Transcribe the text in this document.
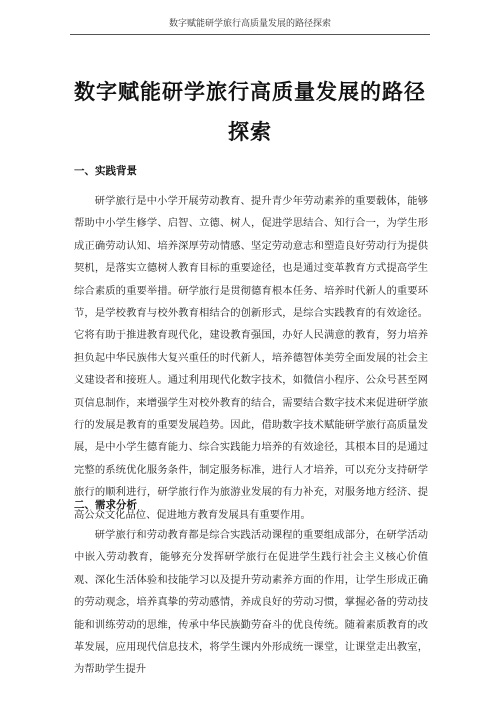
数字赋能研学旅行高质量发展的路径探索
数字赋能研学旅行高质量发展的路径探索
一、实践背景

研学旅行是中小学开展劳动教育、提升青少年劳动素养的重要载体，能够帮助中小学生修学、启智、立德、树人，促进学思结合、知行合一，为学生形成正确劳动认知、培养深厚劳动情感、坚定劳动意志和塑造良好劳动行为提供契机，是落实立德树人教育目标的重要途径，也是通过变革教育方式提高学生综合素质的重要举措。研学旅行是贯彻德育根本任务、培养时代新人的重要环节，是学校教育与校外教育相结合的创新形式，是综合实践教育的有效途径。它将有助于推进教育现代化，建设教育强国，办好人民满意的教育，努力培养担负起中华民族伟大复兴重任的时代新人，培养德智体美劳全面发展的社会主义建设者和接班人。通过利用现代化数字技术，如微信小程序、公众号甚至网页信息制作，来增强学生对校外教育的结合，需要结合数字技术来促进研学旅行的发展是教育的重要发展趋势。因此，借助数字技术赋能研学旅行高质量发展，是中小学生德育能力、综合实践能力培养的有效途径，其根本目的是通过完整的系统优化服务条件，制定服务标准，进行人才培养，可以充分支持研学旅行的顺利进行，研学旅行作为旅游业发展的有力补充，对服务地方经济、提高公众文化品位、促进地方教育发展具有重要作用。

二、需求分析

研学旅行和劳动教育都是综合实践活动课程的重要组成部分，在研学活动中嵌入劳动教育，能够充分发挥研学旅行在促进学生践行社会主义核心价值观、深化生活体验和技能学习以及提升劳动素养方面的作用，让学生形成正确的劳动观念，培养真挚的劳动感情，养成良好的劳动习惯，掌握必备的劳动技能和训练劳动的思维，传承中华民族勤劳奋斗的优良传统。随着素质教育的改革发展，应用现代信息技术，将学生课内外形成统一课堂，让课堂走出教室，为帮助学生提升
